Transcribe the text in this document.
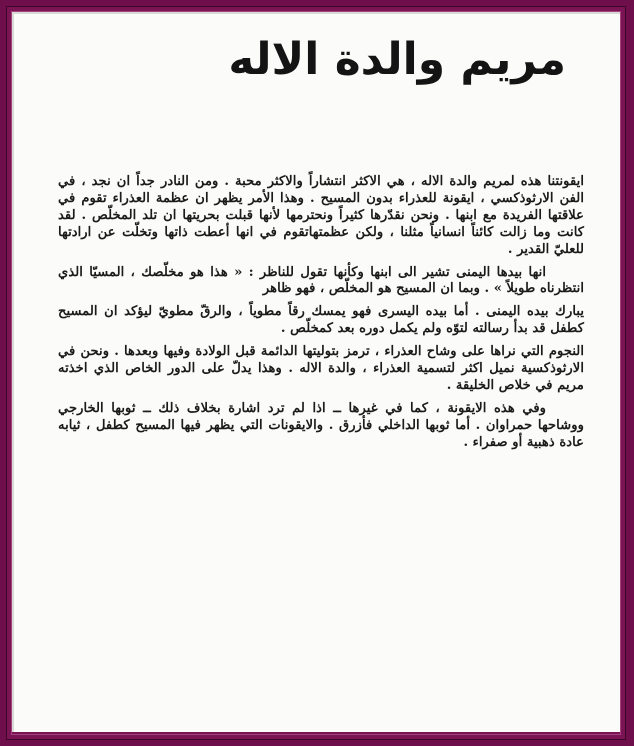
مريم والدة الاله

ايقونتنا هذه لمريم والدة الاله ، هي الاكثر انتشاراً والاكثر محبة . ومن النادر جداً ان نجد ، في الفن الارثوذكسي ، ايقونة للعذراء بدون المسيح . وهذا الأمر يظهر ان عظمة العذراء تقوم في علاقتها الفريدة مع ابنها . ونحن نقدّرها كثيراً ونحترمها لأنها قبلت بحريتها ان تلد المخلّص . لقد كانت وما زالت كائناً انسانياً مثلنا ، ولكن عظمتهاتقوم في انها أعطت ذاتها وتخلّت عن ارادتها للعليّ القدير .

انها بيدها اليمنى تشير الى ابنها وكأنها تقول للناظر : « هذا هو مخلّصك ، المسيّا الذي انتظرناه طويلاً » . وبما ان المسيح هو المخلّص ، فهو ظاهر

يبارك بيده اليمنى . أما بيده اليسرى فهو يمسك رقاً مطوياً ، والرقّ مطويّ ليؤكد ان المسيح كطفل قد بدأ رسالته لتوّه ولم يكمل دوره بعد كمخلّص .

النجوم التي نراها على وشاح العذراء ، ترمز بتوليتها الدائمة قبل الولادة وفيها وبعدها . ونحن في الارثوذكسية نميل اكثر لتسمية العذراء ، والدة الاله . وهذا يدلّ على الدور الخاص الذي اخذته مريم في خلاص الخليقة .

وفي هذه الايقونة ، كما في غيرها ــ اذا لم ترد اشارة بخلاف ذلك ــ ثوبها الخارجي ووشاحها حمراوان . أما ثوبها الداخلي فأزرق . والايقونات التي يظهر فيها المسيح كطفل ، ثيابه عادة ذهبية أو صفراء .
